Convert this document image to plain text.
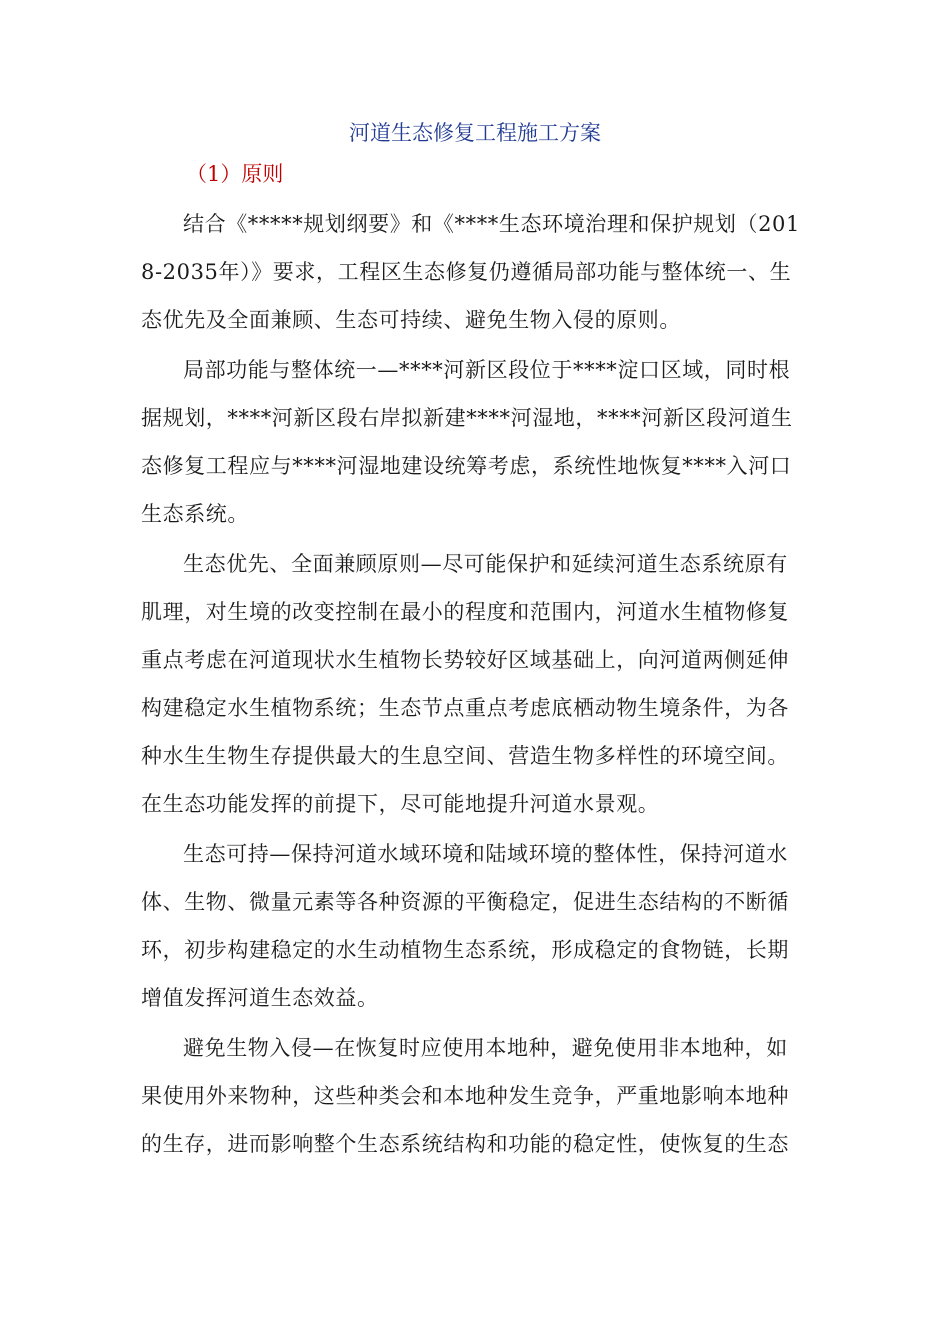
河道生态修复工程施工方案
（1）原则
结合《*****规划纲要》和《****生态环境治理和保护规划（201
8-2035年）》要求，工程区生态修复仍遵循局部功能与整体统一、生
态优先及全面兼顾、生态可持续、避免生物入侵的原则。
局部功能与整体统一—****河新区段位于****淀口区域，同时根
据规划，****河新区段右岸拟新建****河湿地，****河新区段河道生
态修复工程应与****河湿地建设统筹考虑，系统性地恢复****入河口
生态系统。
生态优先、全面兼顾原则—尽可能保护和延续河道生态系统原有
肌理，对生境的改变控制在最小的程度和范围内，河道水生植物修复
重点考虑在河道现状水生植物长势较好区域基础上，向河道两侧延伸
构建稳定水生植物系统；生态节点重点考虑底栖动物生境条件，为各
种水生生物生存提供最大的生息空间、营造生物多样性的环境空间。
在生态功能发挥的前提下，尽可能地提升河道水景观。
生态可持—保持河道水域环境和陆域环境的整体性，保持河道水
体、生物、微量元素等各种资源的平衡稳定，促进生态结构的不断循
环，初步构建稳定的水生动植物生态系统，形成稳定的食物链，长期
增值发挥河道生态效益。
避免生物入侵—在恢复时应使用本地种，避免使用非本地种，如
果使用外来物种，这些种类会和本地种发生竞争，严重地影响本地种
的生存，进而影响整个生态系统结构和功能的稳定性，使恢复的生态
